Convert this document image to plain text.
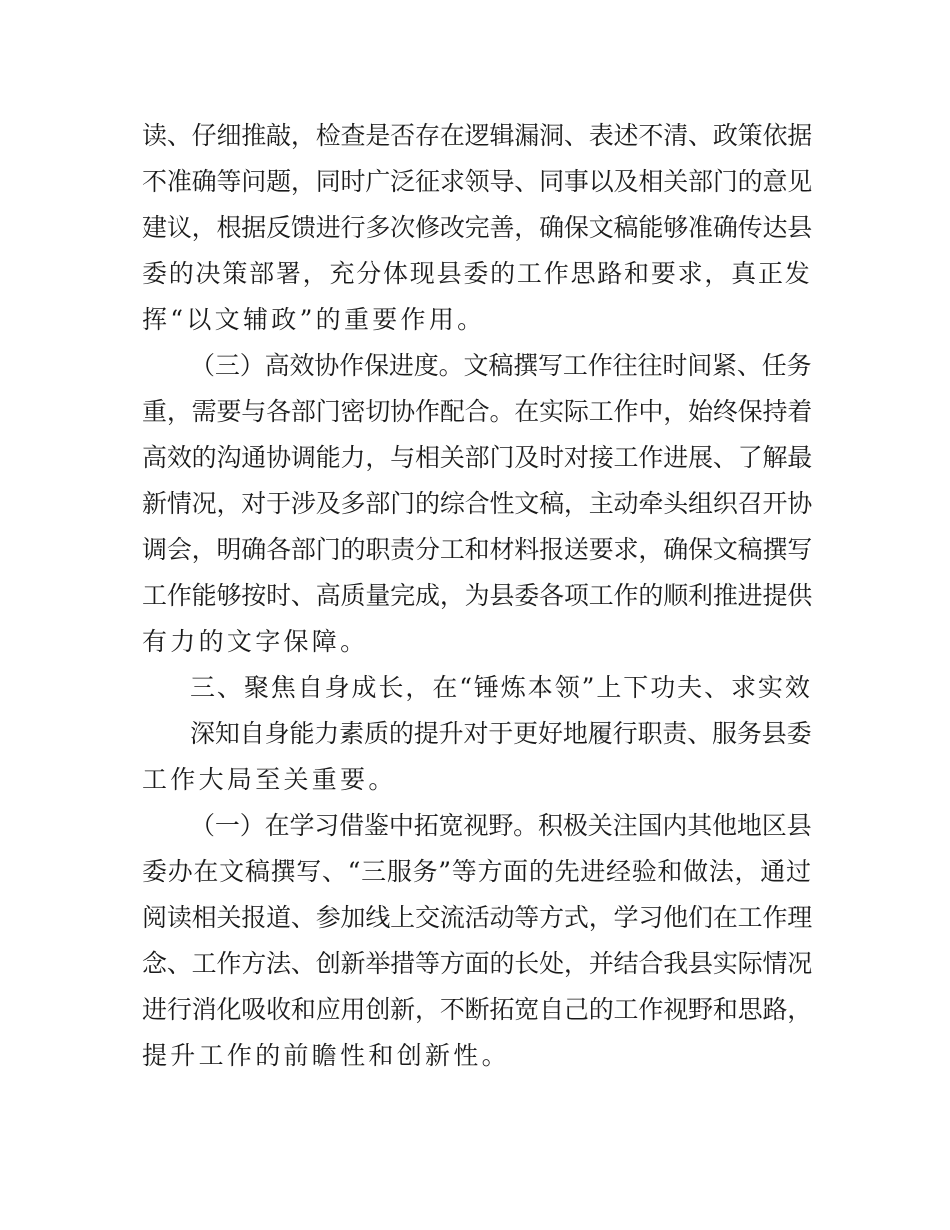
读、仔细推敲，检查是否存在逻辑漏洞、表述不清、政策依据
不准确等问题，同时广泛征求领导、同事以及相关部门的意见
建议，根据反馈进行多次修改完善，确保文稿能够准确传达县
委的决策部署，充分体现县委的工作思路和要求，真正发
挥“以文辅政”的重要作用。
（三）高效协作保进度。文稿撰写工作往往时间紧、任务
重，需要与各部门密切协作配合。在实际工作中，始终保持着
高效的沟通协调能力，与相关部门及时对接工作进展、了解最
新情况，对于涉及多部门的综合性文稿，主动牵头组织召开协
调会，明确各部门的职责分工和材料报送要求，确保文稿撰写
工作能够按时、高质量完成，为县委各项工作的顺利推进提供
有力的文字保障。
三、聚焦自身成长，在“锤炼本领”上下功夫、求实效
深知自身能力素质的提升对于更好地履行职责、服务县委
工作大局至关重要。
（一）在学习借鉴中拓宽视野。积极关注国内其他地区县
委办在文稿撰写、“三服务”等方面的先进经验和做法，通过
阅读相关报道、参加线上交流活动等方式，学习他们在工作理
念、工作方法、创新举措等方面的长处，并结合我县实际情况
进行消化吸收和应用创新，不断拓宽自己的工作视野和思路，
提升工作的前瞻性和创新性。
